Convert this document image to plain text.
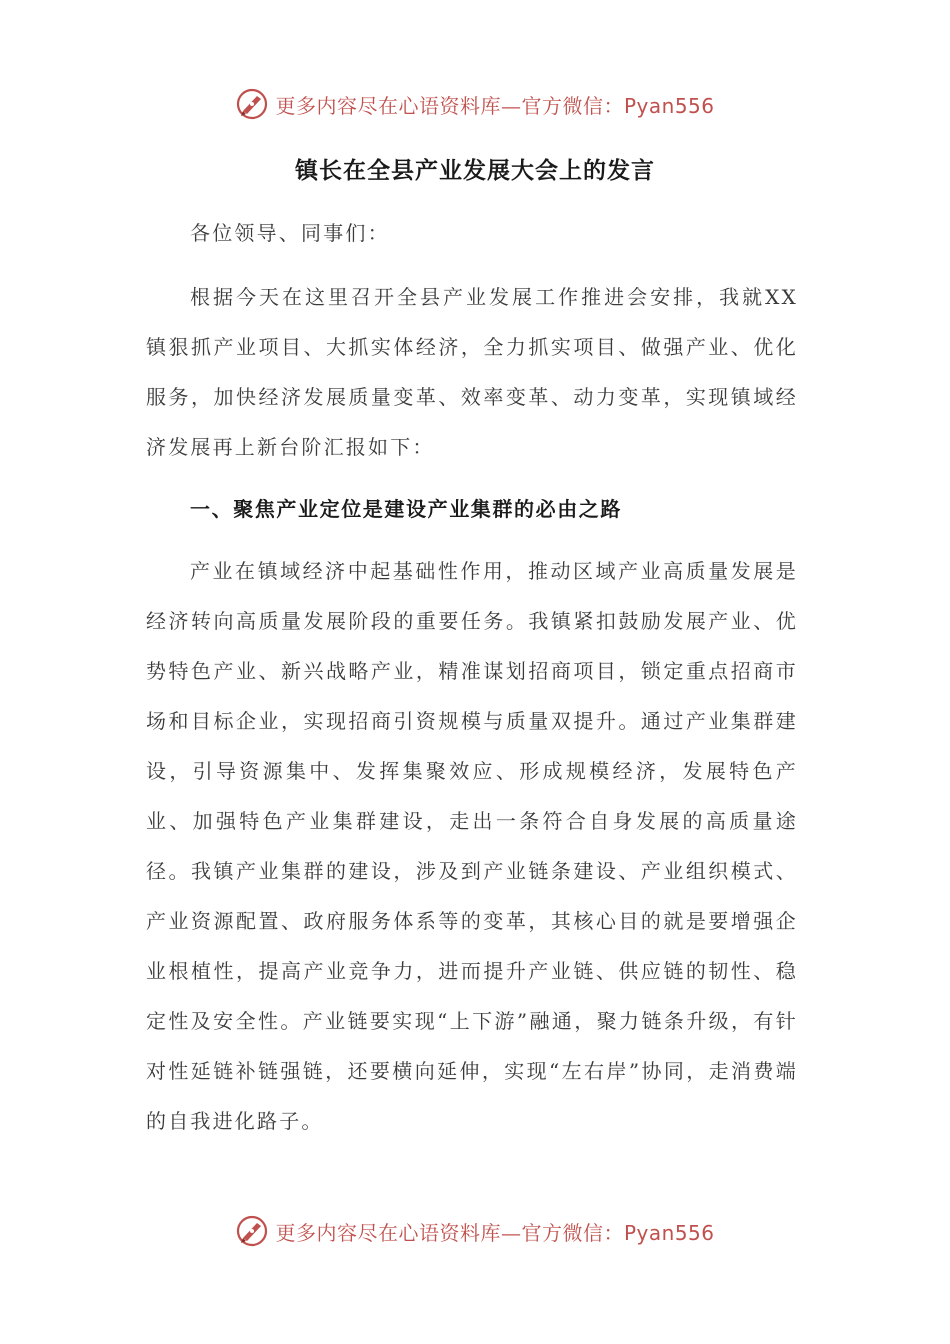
更多内容尽在心语资料库—官方微信：Pyan556
镇长在全县产业发展大会上的发言
各位领导、同事们：
根据今天在这里召开全县产业发展工作推进会安排，我就XX镇狠抓产业项目、大抓实体经济，全力抓实项目、做强产业、优化服务，加快经济发展质量变革、效率变革、动力变革，实现镇域经济发展再上新台阶汇报如下：
一、聚焦产业定位是建设产业集群的必由之路
产业在镇域经济中起基础性作用，推动区域产业高质量发展是经济转向高质量发展阶段的重要任务。我镇紧扣鼓励发展产业、优势特色产业、新兴战略产业，精准谋划招商项目，锁定重点招商市场和目标企业，实现招商引资规模与质量双提升。通过产业集群建设，引导资源集中、发挥集聚效应、形成规模经济，发展特色产业、加强特色产业集群建设，走出一条符合自身发展的高质量途径。我镇产业集群的建设，涉及到产业链条建设、产业组织模式、产业资源配置、政府服务体系等的变革，其核心目的就是要增强企业根植性，提高产业竞争力，进而提升产业链、供应链的韧性、稳定性及安全性。产业链要实现“上下游”融通，聚力链条升级，有针对性延链补链强链，还要横向延伸，实现“左右岸”协同，走消费端的自我进化路子。
更多内容尽在心语资料库—官方微信：Pyan556
